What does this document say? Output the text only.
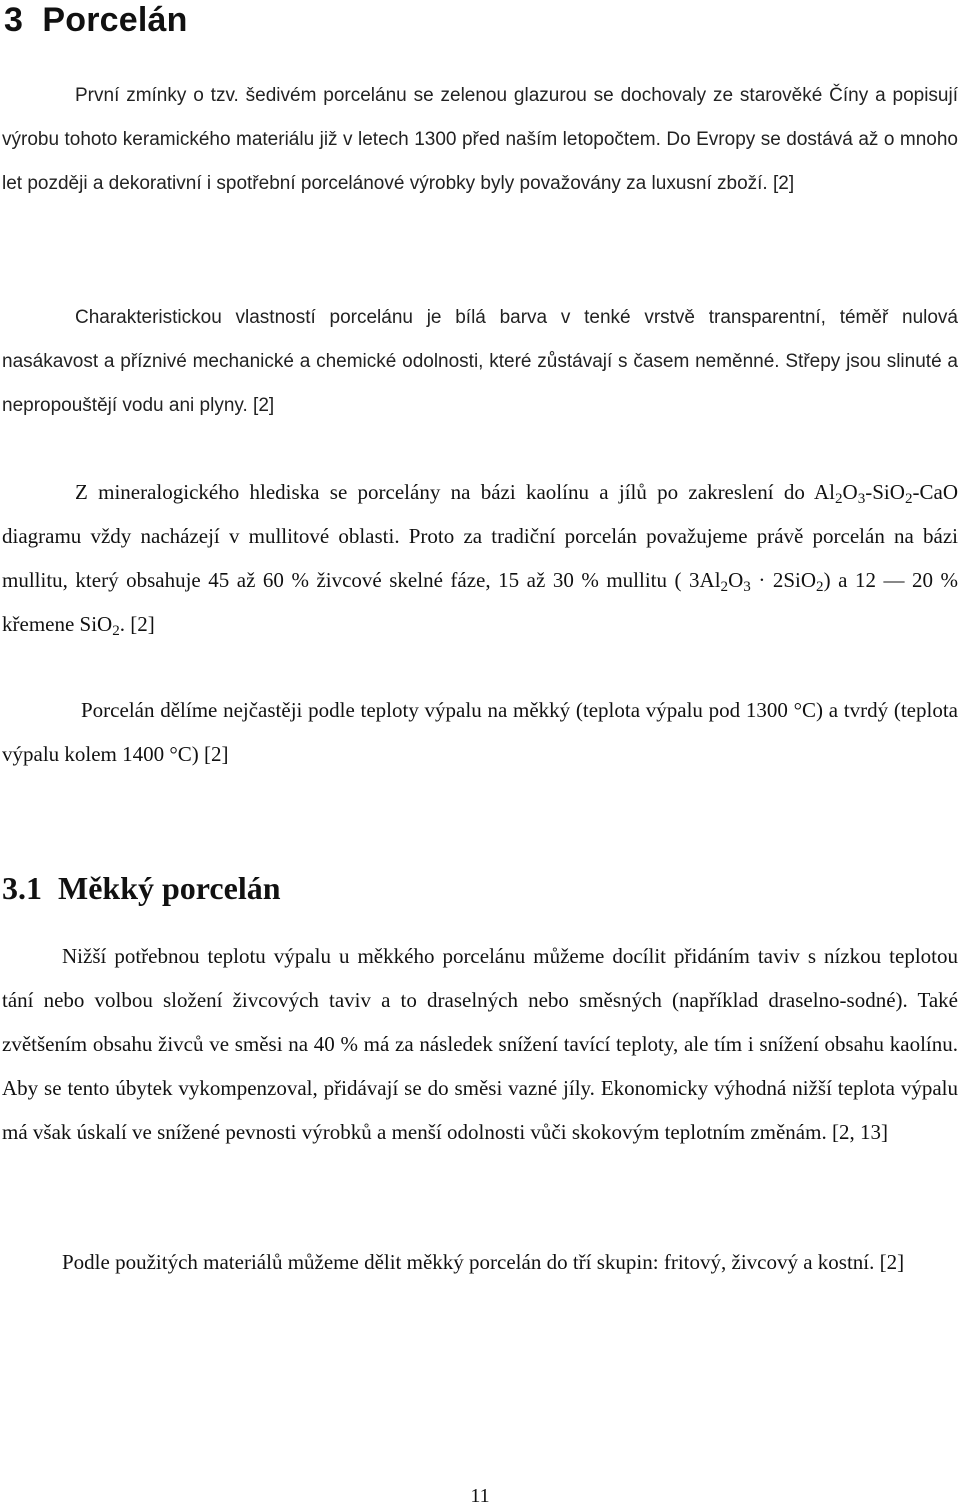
3 Porcelán

První zmínky o tzv. šedivém porcelánu se zelenou glazurou se dochovaly ze starověké Číny a popisují výrobu tohoto keramického materiálu již v letech 1300 před naším letopočtem. Do Evropy se dostává až o mnoho let později a dekorativní i spotřební porcelánové výrobky byly považovány za luxusní zboží. [2]

Charakteristickou vlastností porcelánu je bílá barva v tenké vrstvě transparentní, téměř nulová nasákavost a příznivé mechanické a chemické odolnosti, které zůstávají s časem neměnné. Střepy jsou slinuté a nepropouštějí vodu ani plyny. [2]

Z mineralogického hlediska se porcelány na bázi kaolínu a jílů po zakreslení do $Al_2O_3-SiO_2$-CaO diagramu vždy nacházejí v mullitové oblasti. Proto za tradiční porcelán považujeme právě porcelán na bázi mullitu, který obsahuje 45 až 60 % živcové skelné fáze, 15 až 30 % mullitu ( $3Al_2O_3 \cdot 2SiO_2$) a 12 — 20 % křemene SiO$_2$. [2]

Porcelán dělíme nejčastěji podle teploty výpalu na měkký (teplota výpalu pod 1300 °C) a tvrdý (teplota výpalu kolem 1400 °C) [2]

3.1 Měkký porcelán

Nižší potřebnou teplotu výpalu u měkkého porcelánu můžeme docílit přidáním taviv s nízkou teplotou tání nebo volbou složení živcových taviv a to draselných nebo směsných (například draselno-sodné). Také zvětšením obsahu živců ve směsi na 40 % má za následek snížení tavící teploty, ale tím i snížení obsahu kaolínu. Aby se tento úbytek vykompenzoval, přidávají se do směsi vazné jíly. Ekonomicky výhodná nižší teplota výpalu má však úskalí ve snížené pevnosti výrobků a menší odolnosti vůči skokovým teplotním změnám. [2, 13]

Podle použitých materiálů můžeme dělit měkký porcelán do tří skupin: fritový, živcový a kostní. [2]

11
